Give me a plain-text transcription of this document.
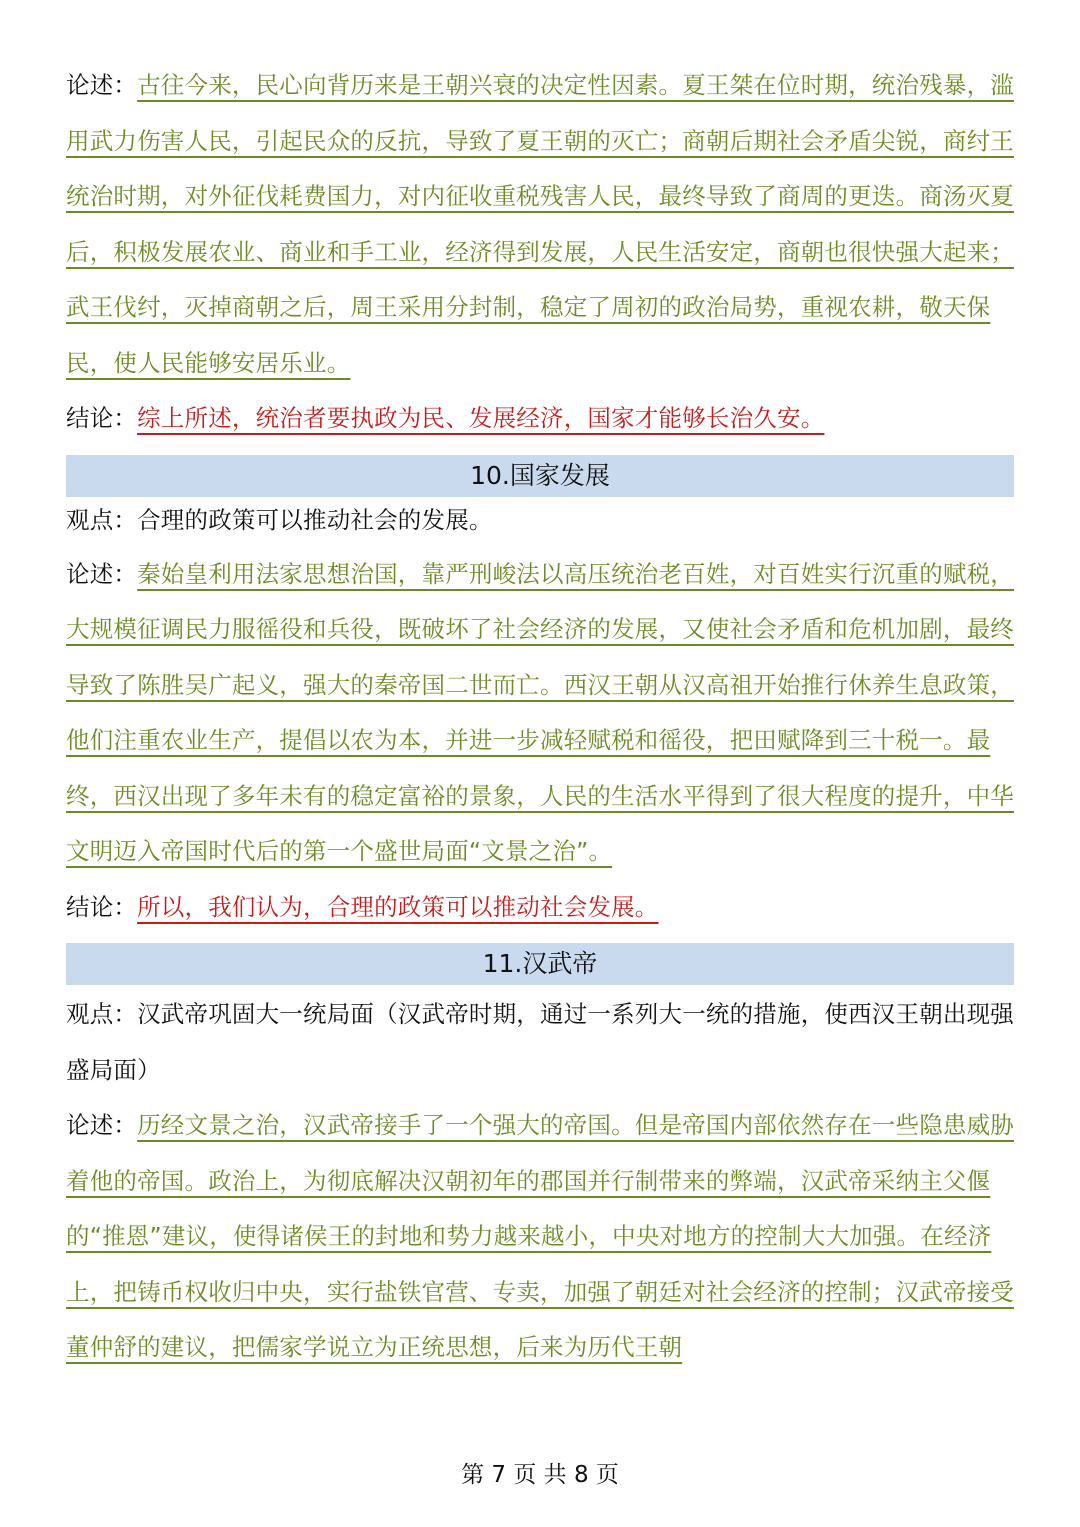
论述：古往今来，民心向背历来是王朝兴衰的决定性因素。夏王桀在位时期，统治残暴，滥用武力伤害人民，引起民众的反抗，导致了夏王朝的灭亡；商朝后期社会矛盾尖锐，商纣王统治时期，对外征伐耗费国力，对内征收重税残害人民，最终导致了商周的更迭。商汤灭夏后，积极发展农业、商业和手工业，经济得到发展，人民生活安定，商朝也很快强大起来；武王伐纣，灭掉商朝之后，周王采用分封制，稳定了周初的政治局势，重视农耕，敬天保民，使人民能够安居乐业。

结论：综上所述，统治者要执政为民、发展经济，国家才能够长治久安。

10.国家发展

观点：合理的政策可以推动社会的发展。

论述：秦始皇利用法家思想治国，靠严刑峻法以高压统治老百姓，对百姓实行沉重的赋税，大规模征调民力服徭役和兵役，既破坏了社会经济的发展，又使社会矛盾和危机加剧，最终导致了陈胜吴广起义，强大的秦帝国二世而亡。西汉王朝从汉高祖开始推行休养生息政策，他们注重农业生产，提倡以农为本，并进一步减轻赋税和徭役，把田赋降到三十税一。最终，西汉出现了多年未有的稳定富裕的景象，人民的生活水平得到了很大程度的提升，中华文明迈入帝国时代后的第一个盛世局面“文景之治”。

结论：所以，我们认为，合理的政策可以推动社会发展。

11.汉武帝

观点：汉武帝巩固大一统局面（汉武帝时期，通过一系列大一统的措施，使西汉王朝出现强盛局面）

论述：历经文景之治，汉武帝接手了一个强大的帝国。但是帝国内部依然存在一些隐患威胁着他的帝国。政治上，为彻底解决汉朝初年的郡国并行制带来的弊端，汉武帝采纳主父偃的“推恩”建议，使得诸侯王的封地和势力越来越小，中央对地方的控制大大加强。在经济上，把铸币权收归中央，实行盐铁官营、专卖，加强了朝廷对社会经济的控制；汉武帝接受董仲舒的建议，把儒家学说立为正统思想，后来为历代王朝

第 7 页 共 8 页
